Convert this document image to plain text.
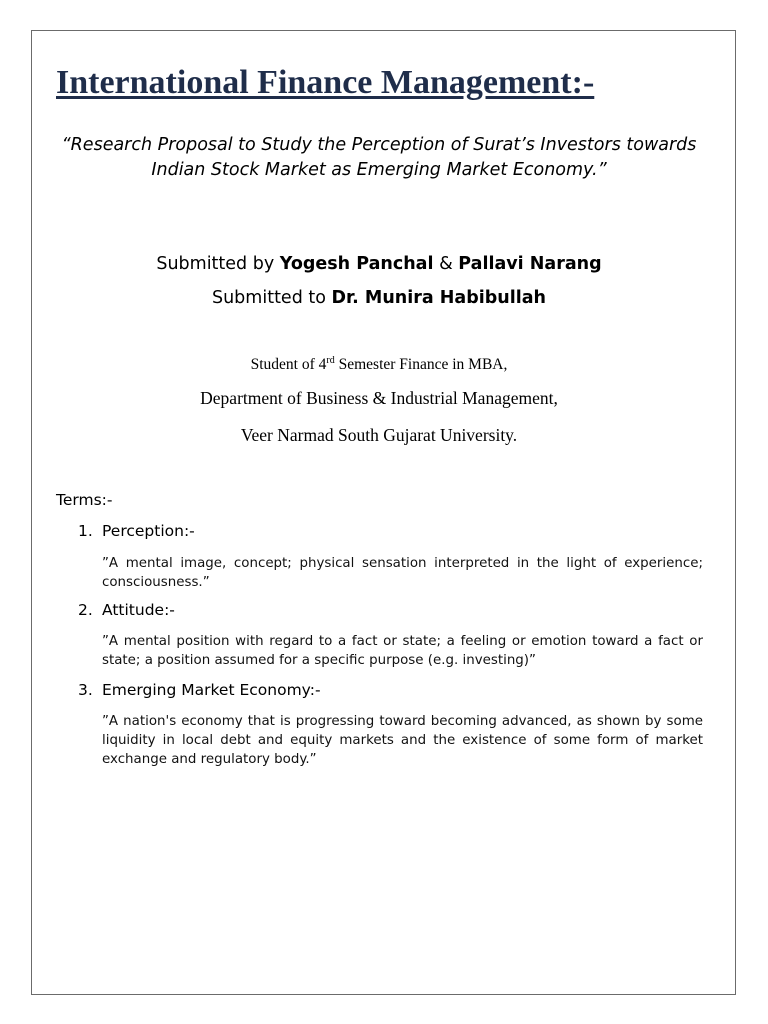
International Finance Management:-
“Research Proposal to Study the Perception of Surat’s Investors towards Indian Stock Market as Emerging Market Economy.”
Submitted by Yogesh Panchal & Pallavi Narang
Submitted to Dr. Munira Habibullah
Student of 4rd Semester Finance in MBA,
Department of Business & Industrial Management,
Veer Narmad South Gujarat University.
Terms:-
1. Perception:-
”A mental image, concept; physical sensation interpreted in the light of experience; consciousness.”
2. Attitude:-
”A mental position with regard to a fact or state; a feeling or emotion toward a fact or state; a position assumed for a specific purpose (e.g. investing)”
3. Emerging Market Economy:-
”A nation's economy that is progressing toward becoming advanced, as shown by some liquidity in local debt and equity markets and the existence of some form of market exchange and regulatory body.”
